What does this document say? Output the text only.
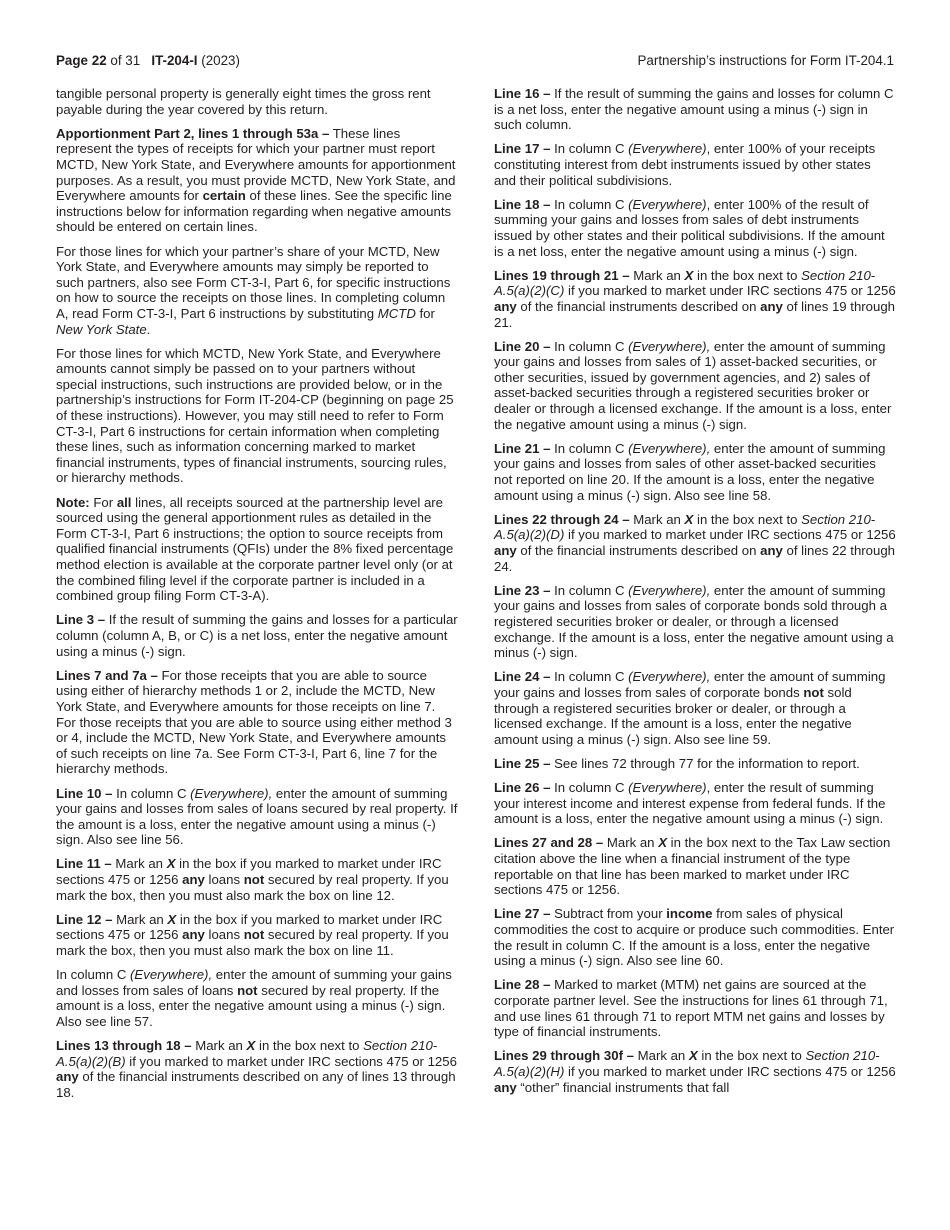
Page 22 of 31 IT-204-I (2023)	Partnership’s instructions for Form IT-204.1

tangible personal property is generally eight times the gross rent payable during the year covered by this return.

Apportionment Part 2, lines 1 through 53a – These lines represent the types of receipts for which your partner must report MCTD, New York State, and Everywhere amounts for apportionment purposes. As a result, you must provide MCTD, New York State, and Everywhere amounts for certain of these lines. See the specific line instructions below for information regarding when negative amounts should be entered on certain lines.

For those lines for which your partner’s share of your MCTD, New York State, and Everywhere amounts may simply be reported to such partners, also see Form CT-3-I, Part 6, for specific instructions on how to source the receipts on those lines. In completing column A, read Form CT-3-I, Part 6 instructions by substituting MCTD for New York State.

For those lines for which MCTD, New York State, and Everywhere amounts cannot simply be passed on to your partners without special instructions, such instructions are provided below, or in the partnership’s instructions for Form IT-204-CP (beginning on page 25 of these instructions). However, you may still need to refer to Form CT-3-I, Part 6 instructions for certain information when completing these lines, such as information concerning marked to market financial instruments, types of financial instruments, sourcing rules, or hierarchy methods.

Note: For all lines, all receipts sourced at the partnership level are sourced using the general apportionment rules as detailed in the Form CT-3-I, Part 6 instructions; the option to source receipts from qualified financial instruments (QFIs) under the 8% fixed percentage method election is available at the corporate partner level only (or at the combined filing level if the corporate partner is included in a combined group filing Form CT-3-A).

Line 3 – If the result of summing the gains and losses for a particular column (column A, B, or C) is a net loss, enter the negative amount using a minus (-) sign.

Lines 7 and 7a – For those receipts that you are able to source using either of hierarchy methods 1 or 2, include the MCTD, New York State, and Everywhere amounts for those receipts on line 7. For those receipts that you are able to source using either method 3 or 4, include the MCTD, New York State, and Everywhere amounts of such receipts on line 7a. See Form CT-3-I, Part 6, line 7 for the hierarchy methods.

Line 10 – In column C (Everywhere), enter the amount of summing your gains and losses from sales of loans secured by real property. If the amount is a loss, enter the negative amount using a minus (-) sign. Also see line 56.

Line 11 – Mark an X in the box if you marked to market under IRC sections 475 or 1256 any loans not secured by real property. If you mark the box, then you must also mark the box on line 12.

Line 12 – Mark an X in the box if you marked to market under IRC sections 475 or 1256 any loans not secured by real property. If you mark the box, then you must also mark the box on line 11.

In column C (Everywhere), enter the amount of summing your gains and losses from sales of loans not secured by real property. If the amount is a loss, enter the negative amount using a minus (-) sign. Also see line 57.

Lines 13 through 18 – Mark an X in the box next to Section 210-A.5(a)(2)(B) if you marked to market under IRC sections 475 or 1256 any of the financial instruments described on any of lines 13 through 18.

Line 16 – If the result of summing the gains and losses for column C is a net loss, enter the negative amount using a minus (-) sign in such column.

Line 17 – In column C (Everywhere), enter 100% of your receipts constituting interest from debt instruments issued by other states and their political subdivisions.

Line 18 – In column C (Everywhere), enter 100% of the result of summing your gains and losses from sales of debt instruments issued by other states and their political subdivisions. If the amount is a net loss, enter the negative amount using a minus (-) sign.

Lines 19 through 21 – Mark an X in the box next to Section 210-A.5(a)(2)(C) if you marked to market under IRC sections 475 or 1256 any of the financial instruments described on any of lines 19 through 21.

Line 20 – In column C (Everywhere), enter the amount of summing your gains and losses from sales of 1) asset-backed securities, or other securities, issued by government agencies, and 2) sales of asset-backed securities through a registered securities broker or dealer or through a licensed exchange. If the amount is a loss, enter the negative amount using a minus (-) sign.

Line 21 – In column C (Everywhere), enter the amount of summing your gains and losses from sales of other asset-backed securities not reported on line 20. If the amount is a loss, enter the negative amount using a minus (-) sign. Also see line 58.

Lines 22 through 24 – Mark an X in the box next to Section 210-A.5(a)(2)(D) if you marked to market under IRC sections 475 or 1256 any of the financial instruments described on any of lines 22 through 24.

Line 23 – In column C (Everywhere), enter the amount of summing your gains and losses from sales of corporate bonds sold through a registered securities broker or dealer, or through a licensed exchange. If the amount is a loss, enter the negative amount using a minus (-) sign.

Line 24 – In column C (Everywhere), enter the amount of summing your gains and losses from sales of corporate bonds not sold through a registered securities broker or dealer, or through a licensed exchange. If the amount is a loss, enter the negative amount using a minus (-) sign. Also see line 59.

Line 25 – See lines 72 through 77 for the information to report.

Line 26 – In column C (Everywhere), enter the result of summing your interest income and interest expense from federal funds. If the amount is a loss, enter the negative amount using a minus (-) sign.

Lines 27 and 28 – Mark an X in the box next to the Tax Law section citation above the line when a financial instrument of the type reportable on that line has been marked to market under IRC sections 475 or 1256.

Line 27 – Subtract from your income from sales of physical commodities the cost to acquire or produce such commodities. Enter the result in column C. If the amount is a loss, enter the negative using a minus (-) sign. Also see line 60.

Line 28 – Marked to market (MTM) net gains are sourced at the corporate partner level. See the instructions for lines 61 through 71, and use lines 61 through 71 to report MTM net gains and losses by type of financial instruments.

Lines 29 through 30f – Mark an X in the box next to Section 210-A.5(a)(2)(H) if you marked to market under IRC sections 475 or 1256 any “other” financial instruments that fall
